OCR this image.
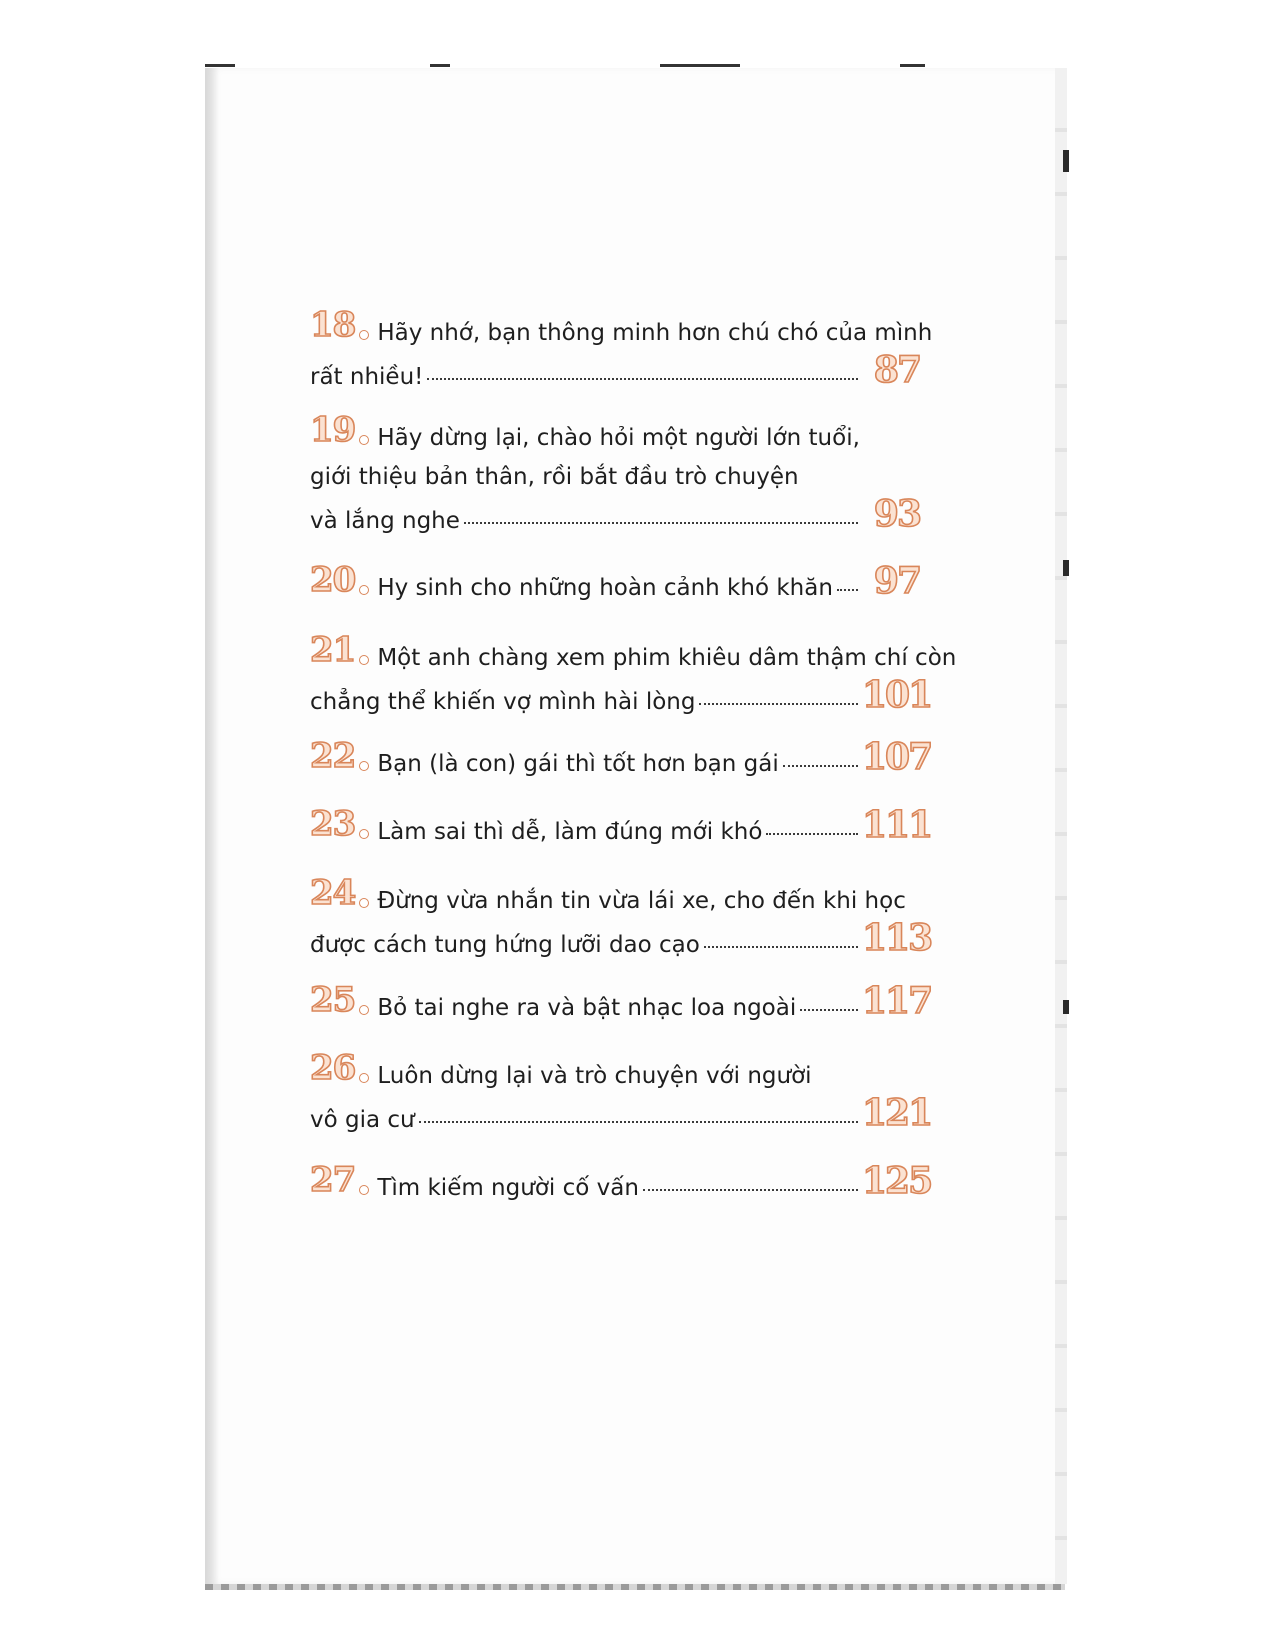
18 Hãy nhớ, bạn thông minh hơn chú chó của mình
rất nhiều!	87
19 Hãy dừng lại, chào hỏi một người lớn tuổi,
giới thiệu bản thân, rồi bắt đầu trò chuyện
và lắng nghe	93
20 Hy sinh cho những hoàn cảnh khó khăn	97
21 Một anh chàng xem phim khiêu dâm thậm chí còn
chẳng thể khiến vợ mình hài lòng	101
22 Bạn (là con) gái thì tốt hơn bạn gái 107
23 Làm sai thì dễ, làm đúng mới khó	111
24 Đừng vừa nhắn tin vừa lái xe, cho đến khi học
được cách tung hứng lưỡi dao cạo	113
25 Bỏ tai nghe ra và bật nhạc loa ngoài 117
26 Luôn dừng lại và trò chuyện với người
vô gia cư	121
27 Tìm kiếm người cố vấn	125
